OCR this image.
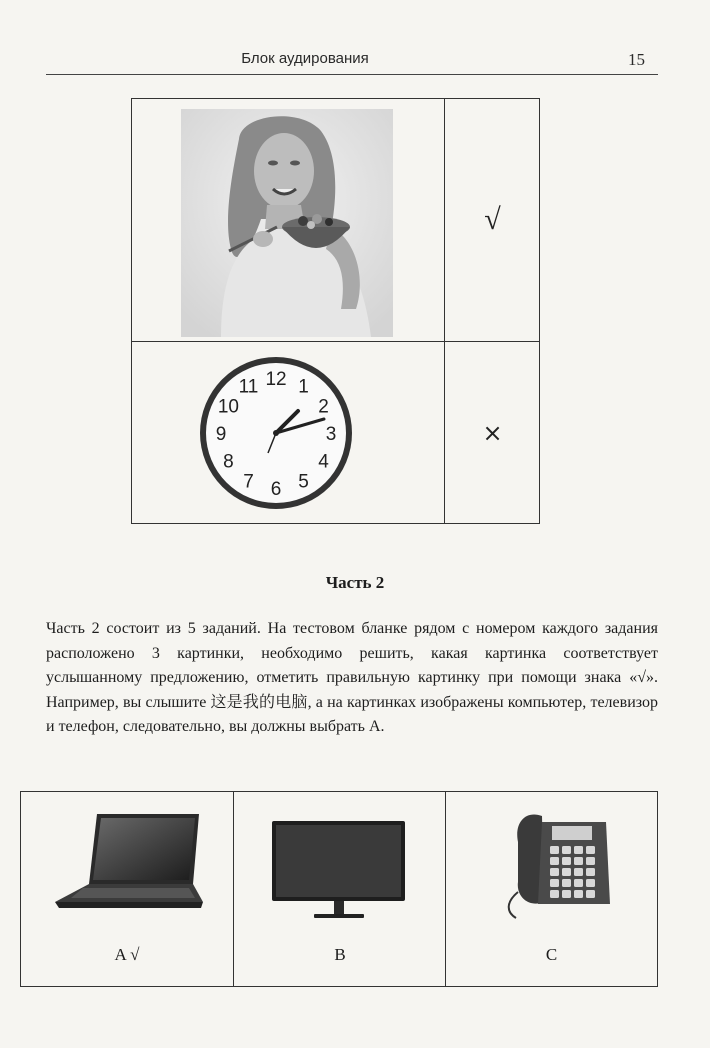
Блок аудирования	15
√
12 1
2
3
4
5
6
7
8
9
10
11
×
Часть 2
Часть 2 состоит из 5 заданий. На тестовом бланке рядом с номером каждого задания расположено 3 картинки, необходимо решить, какая картинка соответствует услышанному предложению, отметить правильную картинку при помощи знака «√». Например, вы слышите 这是我的电脑, а на картинках изображены компьютер, телевизор и телефон, следовательно, вы должны выбрать А.
A √	B	C
